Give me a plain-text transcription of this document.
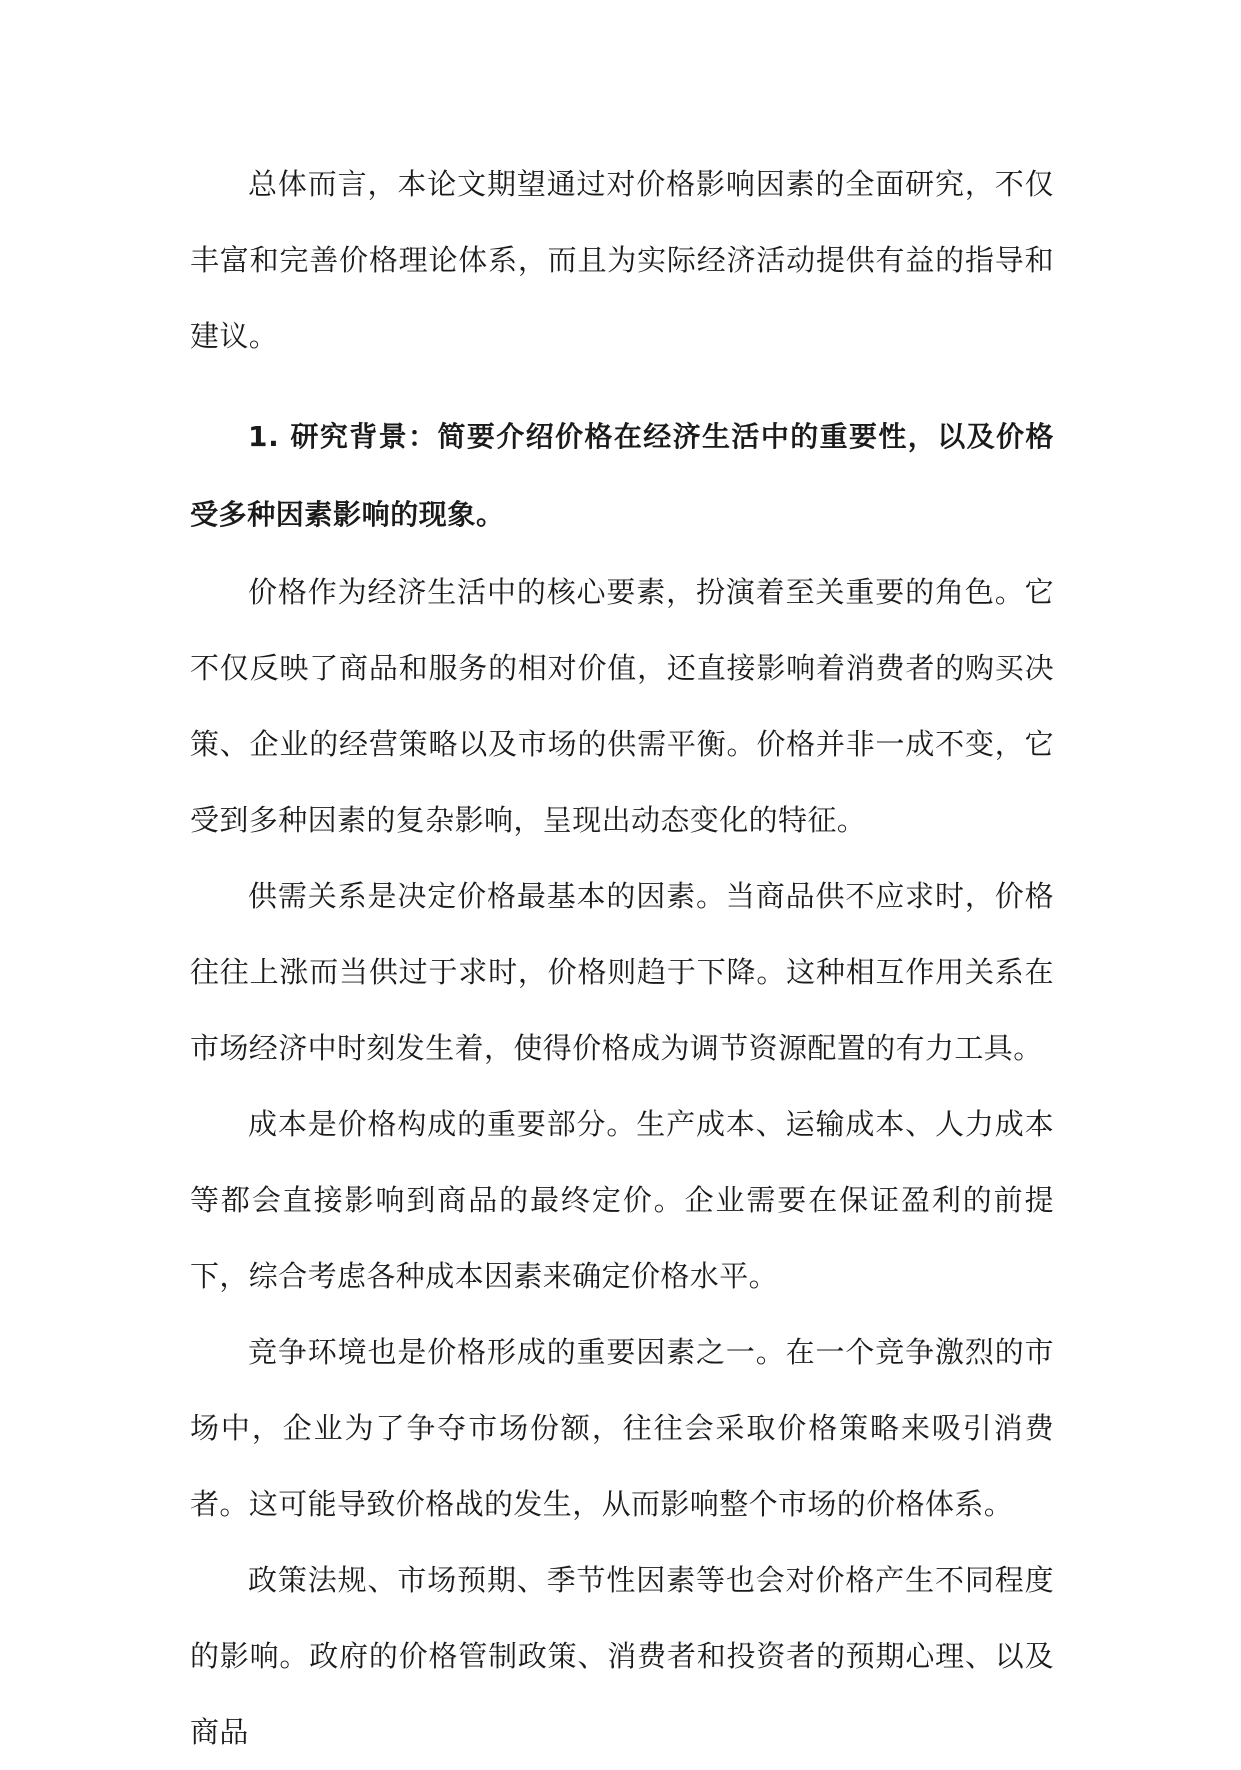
总体而言，本论文期望通过对价格影响因素的全面研究，不仅丰富和完善价格理论体系，而且为实际经济活动提供有益的指导和建议。

1. 研究背景：简要介绍价格在经济生活中的重要性，以及价格受多种因素影响的现象。

价格作为经济生活中的核心要素，扮演着至关重要的角色。它不仅反映了商品和服务的相对价值，还直接影响着消费者的购买决策、企业的经营策略以及市场的供需平衡。价格并非一成不变，它受到多种因素的复杂影响，呈现出动态变化的特征。

供需关系是决定价格最基本的因素。当商品供不应求时，价格往往上涨而当供过于求时，价格则趋于下降。这种相互作用关系在市场经济中时刻发生着，使得价格成为调节资源配置的有力工具。

成本是价格构成的重要部分。生产成本、运输成本、人力成本等都会直接影响到商品的最终定价。企业需要在保证盈利的前提下，综合考虑各种成本因素来确定价格水平。

竞争环境也是价格形成的重要因素之一。在一个竞争激烈的市场中，企业为了争夺市场份额，往往会采取价格策略来吸引消费者。这可能导致价格战的发生，从而影响整个市场的价格体系。

政策法规、市场预期、季节性因素等也会对价格产生不同程度的影响。政府的价格管制政策、消费者和投资者的预期心理、以及商品
